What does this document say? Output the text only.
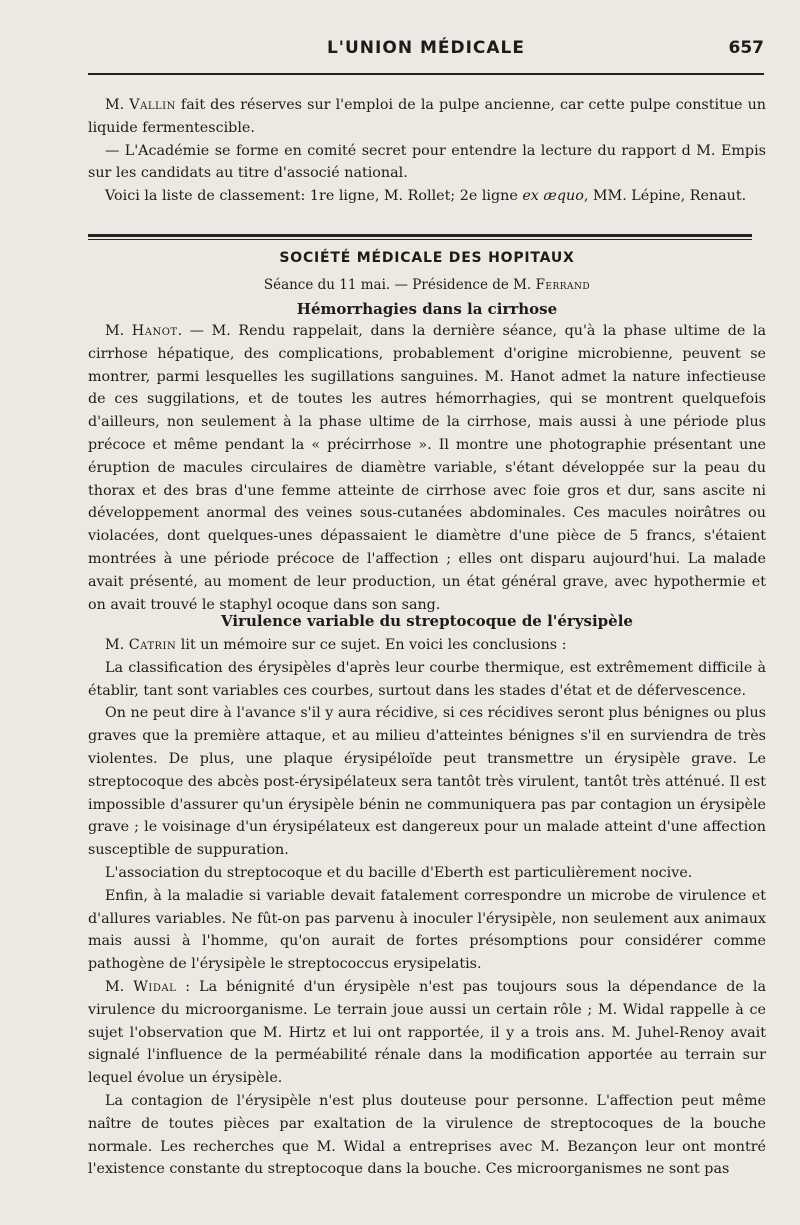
L'UNION MÉDICALE	657

M. Vallin fait des réserves sur l'emploi de la pulpe ancienne, car cette pulpe constitue un liquide fermentescible.

— L'Académie se forme en comité secret pour entendre la lecture du rapport d M. Empis sur les candidats au titre d'associé national.

Voici la liste de classement: 1re ligne, M. Rollet; 2e ligne ex æquo, MM. Lépine, Renaut.

SOCIÉTÉ MÉDICALE DES HOPITAUX
Séance du 11 mai. — Présidence de M. Ferrand
Hémorrhagies dans la cirrhose

M. Hanot. — M. Rendu rappelait, dans la dernière séance, qu'à la phase ultime de la cirrhose hépatique, des complications, probablement d'origine microbienne, peuvent se montrer, parmi lesquelles les sugillations sanguines. M. Hanot admet la nature infectieuse de ces suggilations, et de toutes les autres hémorrhagies, qui se montrent quelquefois d'ailleurs, non seulement à la phase ultime de la cirrhose, mais aussi à une période plus précoce et même pendant la « précirrhose ». Il montre une photographie présentant une éruption de macules circulaires de diamètre variable, s'étant développée sur la peau du thorax et des bras d'une femme atteinte de cirrhose avec foie gros et dur, sans ascite ni développement anormal des veines sous-cutanées abdominales. Ces macules noirâtres ou violacées, dont quelques-unes dépassaient le diamètre d'une pièce de 5 francs, s'étaient montrées à une période précoce de l'affection ; elles ont disparu aujourd'hui. La malade avait présenté, au moment de leur production, un état général grave, avec hypothermie et on avait trouvé le staphyl ocoque dans son sang.

Virulence variable du streptocoque de l'érysipèle

M. Catrin lit un mémoire sur ce sujet. En voici les conclusions :

La classification des érysipèles d'après leur courbe thermique, est extrêmement difficile à établir, tant sont variables ces courbes, surtout dans les stades d'état et de défervescence.

On ne peut dire à l'avance s'il y aura récidive, si ces récidives seront plus bénignes ou plus graves que la première attaque, et au milieu d'atteintes bénignes s'il en surviendra de très violentes. De plus, une plaque érysipéloïde peut transmettre un érysipèle grave. Le streptocoque des abcès post-érysipélateux sera tantôt très virulent, tantôt très atténué. Il est impossible d'assurer qu'un érysipèle bénin ne communiquera pas par contagion un érysipèle grave ; le voisinage d'un érysipélateux est dangereux pour un malade atteint d'une affection susceptible de suppuration.

L'association du streptocoque et du bacille d'Eberth est particulièrement nocive.

Enfin, à la maladie si variable devait fatalement correspondre un microbe de virulence et d'allures variables. Ne fût-on pas parvenu à inoculer l'érysipèle, non seulement aux animaux mais aussi à l'homme, qu'on aurait de fortes présomptions pour considérer comme pathogène de l'érysipèle le streptococcus erysipelatis.

M. Widal : La bénignité d'un érysipèle n'est pas toujours sous la dépendance de la virulence du microorganisme. Le terrain joue aussi un certain rôle ; M. Widal rappelle à ce sujet l'observation que M. Hirtz et lui ont rapportée, il y a trois ans. M. Juhel-Renoy avait signalé l'influence de la perméabilité rénale dans la modification apportée au terrain sur lequel évolue un érysipèle.

La contagion de l'érysipèle n'est plus douteuse pour personne. L'affection peut même naître de toutes pièces par exaltation de la virulence de streptocoques de la bouche normale. Les recherches que M. Widal a entreprises avec M. Bezançon leur ont montré l'existence constante du streptocoque dans la bouche. Ces microorganismes ne sont pas
